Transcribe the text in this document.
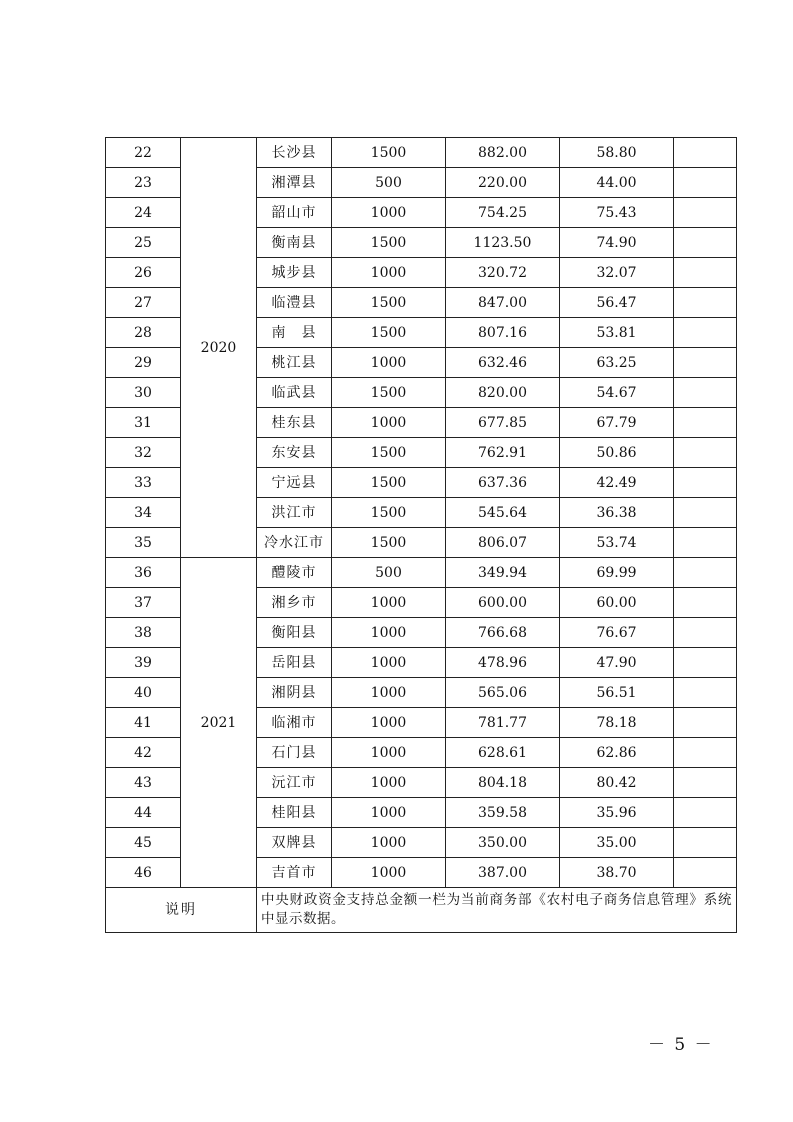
22	2020	长沙县	1500	882.00	58.80	
23		湘潭县	500	220.00	44.00	
24		韶山市	1000	754.25	75.43	
25		衡南县	1500	1123.50	74.90	
26		城步县	1000	320.72	32.07	
27		临澧县	1500	847.00	56.47	
28		南　县	1500	807.16	53.81	
29		桃江县	1000	632.46	63.25	
30		临武县	1500	820.00	54.67	
31		桂东县	1000	677.85	67.79	
32		东安县	1500	762.91	50.86	
33		宁远县	1500	637.36	42.49	
34		洪江市	1500	545.64	36.38	
35		冷水江市	1500	806.07	53.74	
36	2021	醴陵市	500	349.94	69.99	
37		湘乡市	1000	600.00	60.00	
38		衡阳县	1000	766.68	76.67	
39		岳阳县	1000	478.96	47.90	
40		湘阴县	1000	565.06	56.51	
41		临湘市	1000	781.77	78.18	
42		石门县	1000	628.61	62.86	
43		沅江市	1000	804.18	80.42	
44		桂阳县	1000	359.58	35.96	
45		双牌县	1000	350.00	35.00	
46		吉首市	1000	387.00	38.70	
说明		中央财政资金支持总金额一栏为当前商务部《农村电子商务信息管理》系统中显示数据。				
－ 5 －
